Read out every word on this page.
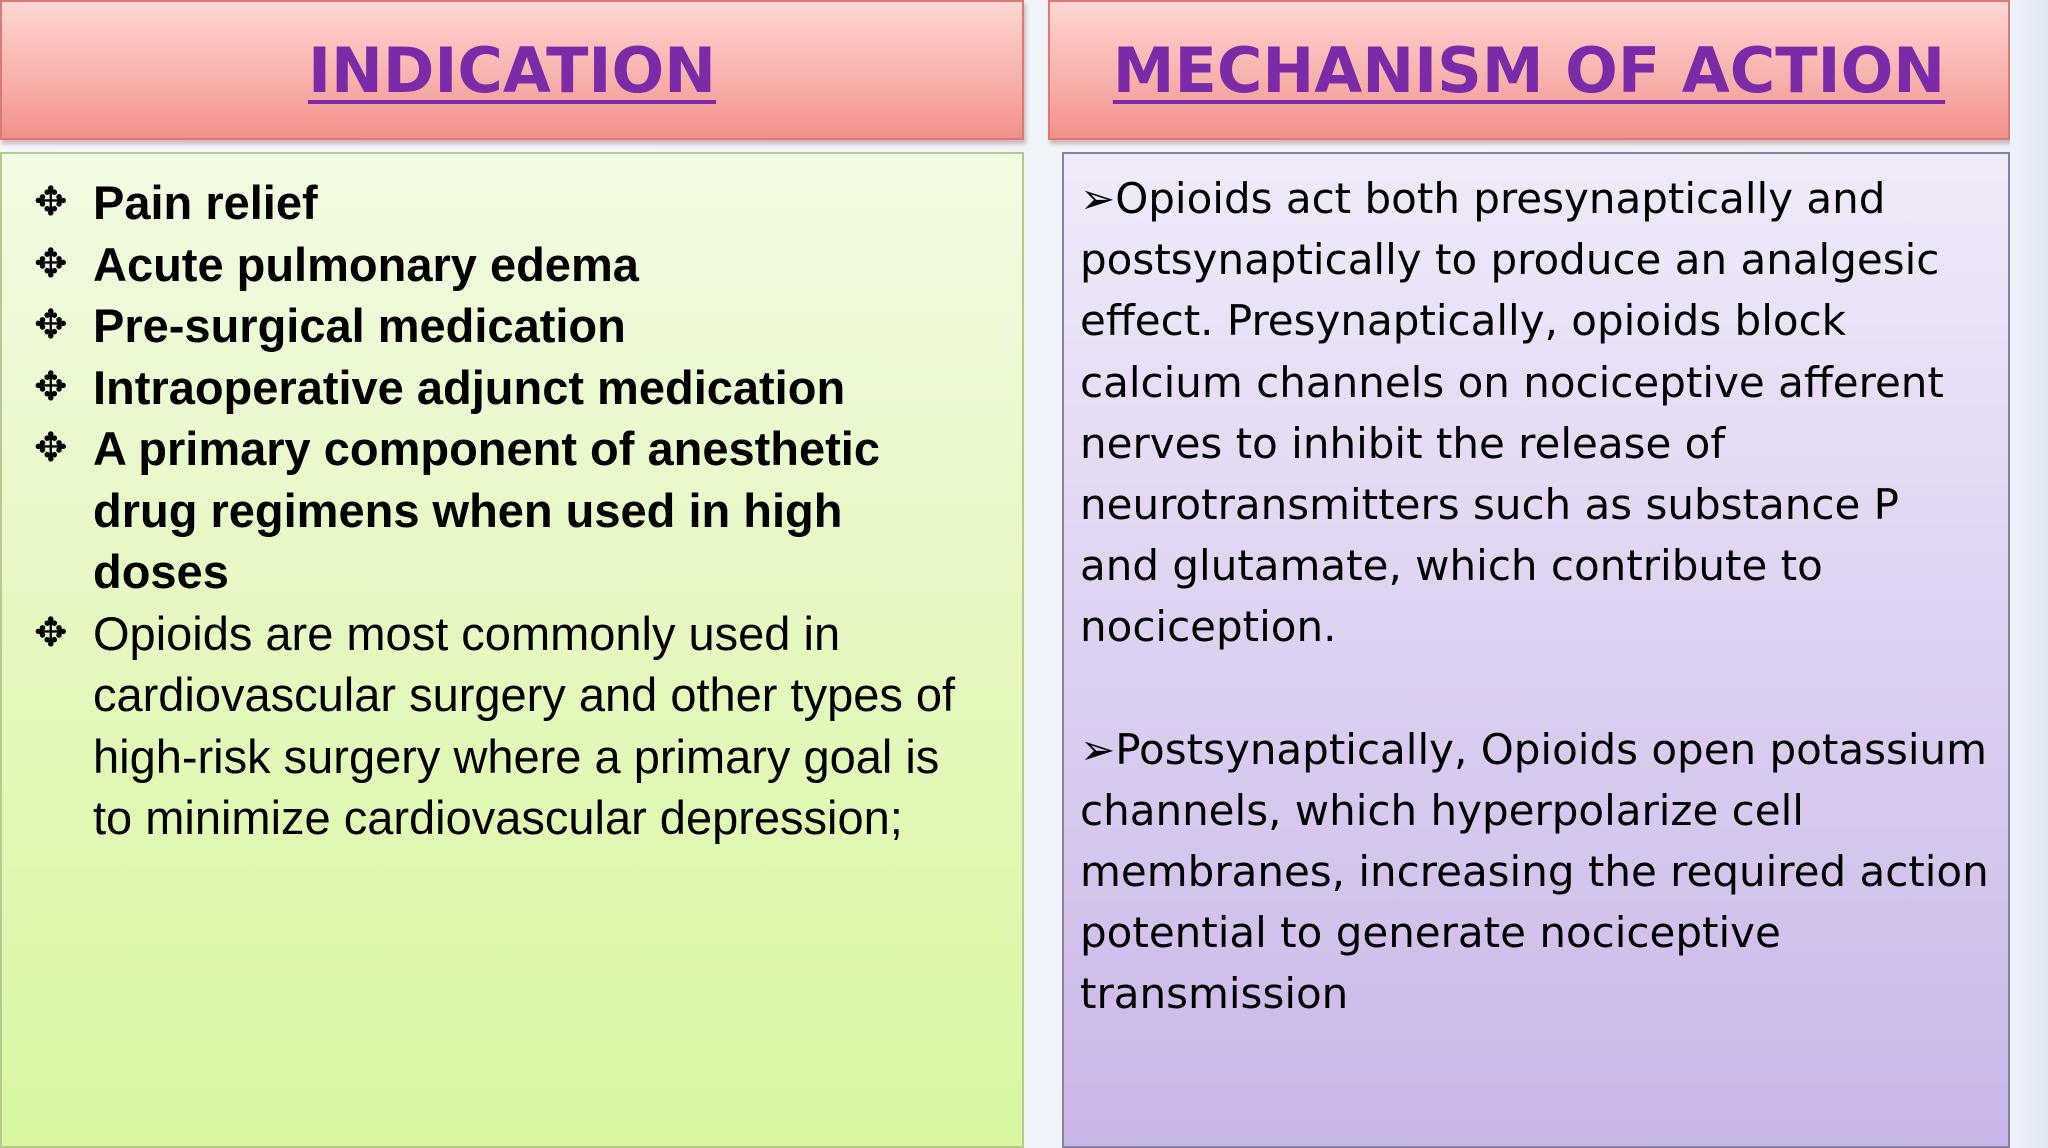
INDICATION	MECHANISM OF ACTION
✥ Pain relief
✥ Acute pulmonary edema
✥ Pre-surgical medication
✥ Intraoperative adjunct medication
✥ A primary component of anesthetic drug regimens when used in high doses
✥ Opioids are most commonly used in cardiovascular surgery and other types of high-risk surgery where a primary goal is to minimize cardiovascular depression;

➢Opioids act both presynaptically and postsynaptically to produce an analgesic effect. Presynaptically, opioids block calcium channels on nociceptive afferent nerves to inhibit the release of neurotransmitters such as substance P and glutamate, which contribute to nociception.

➢Postsynaptically, Opioids open potassium channels, which hyperpolarize cell membranes, increasing the required action potential to generate nociceptive transmission
